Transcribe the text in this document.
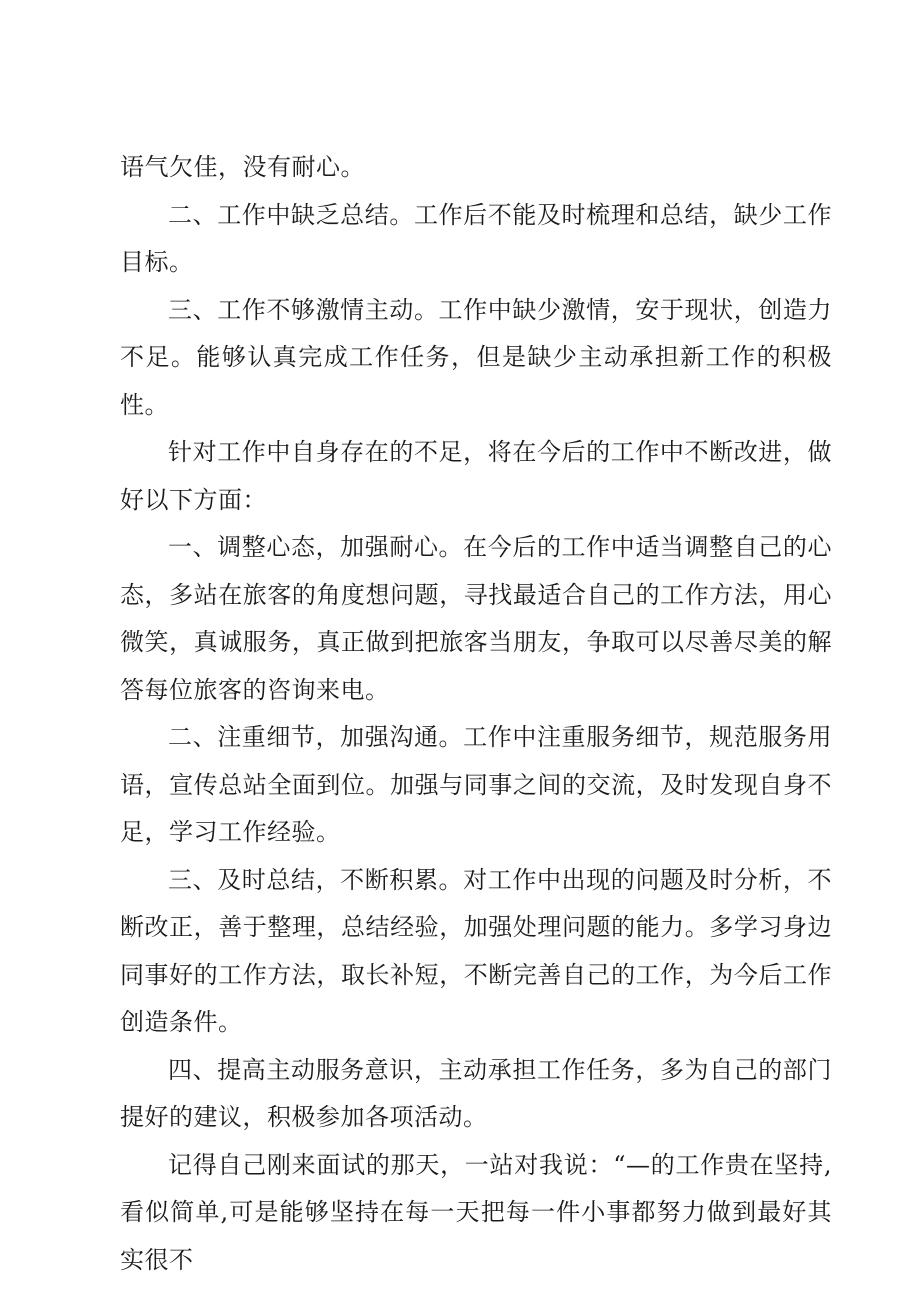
语气欠佳，没有耐心。

二、工作中缺乏总结。工作后不能及时梳理和总结，缺少工作目标。

三、工作不够激情主动。工作中缺少激情，安于现状，创造力不足。能够认真完成工作任务，但是缺少主动承担新工作的积极性。

针对工作中自身存在的不足，将在今后的工作中不断改进，做好以下方面：

一、调整心态，加强耐心。在今后的工作中适当调整自己的心态，多站在旅客的角度想问题，寻找最适合自己的工作方法，用心微笑，真诚服务，真正做到把旅客当朋友，争取可以尽善尽美的解答每位旅客的咨询来电。

二、注重细节，加强沟通。工作中注重服务细节，规范服务用语，宣传总站全面到位。加强与同事之间的交流，及时发现自身不足，学习工作经验。

三、及时总结，不断积累。对工作中出现的问题及时分析，不断改正，善于整理，总结经验，加强处理问题的能力。多学习身边同事好的工作方法，取长补短，不断完善自己的工作，为今后工作创造条件。

四、提高主动服务意识，主动承担工作任务，多为自己的部门提好的建议，积极参加各项活动。

记得自己刚来面试的那天，一站对我说：“—的工作贵在坚持,看似简单,可是能够坚持在每一天把每一件小事都努力做到最好其实很不
